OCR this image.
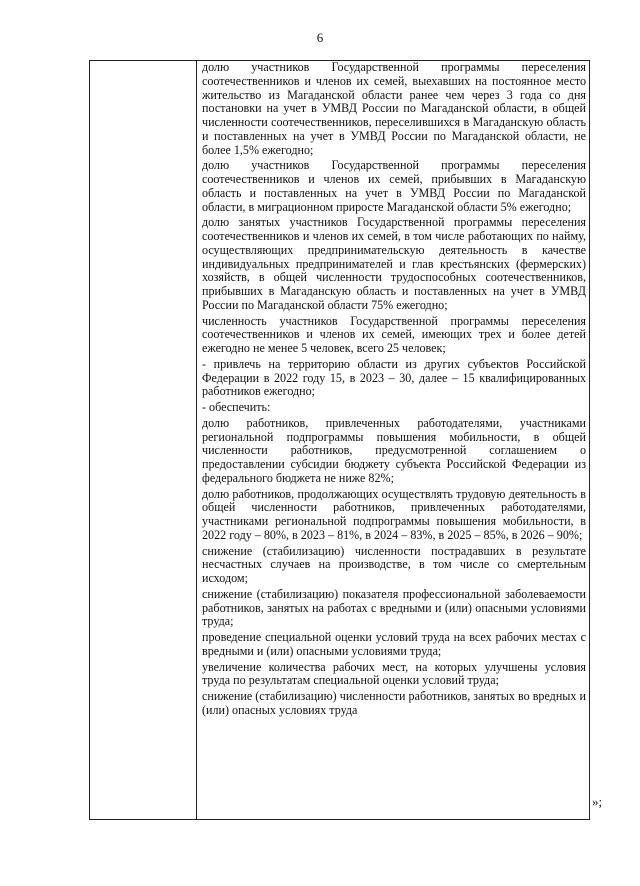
6

долю участников Государственной программы переселения соотечественников и членов их семей, выехавших на постоянное место жительство из Магаданской области ранее чем через 3 года со дня постановки на учет в УМВД России по Магаданской области, в общей численности соотечественников, переселившихся в Магаданскую область и поставленных на учет в УМВД России по Магаданской области, не более 1,5% ежегодно;

долю участников Государственной программы переселения соотечественников и членов их семей, прибывших в Магаданскую область и поставленных на учет в УМВД России по Магаданской области, в миграционном приросте Магаданской области 5% ежегодно;

долю занятых участников Государственной программы переселения соотечественников и членов их семей, в том числе работающих по найму, осуществляющих предпринимательскую деятельность в качестве индивидуальных предпринимателей и глав крестьянских (фермерских) хозяйств, в общей численности трудоспособных соотечественников, прибывших в Магаданскую область и поставленных на учет в УМВД России по Магаданской области 75% ежегодно;

численность участников Государственной программы переселения соотечественников и членов их семей, имеющих трех и более детей ежегодно не менее 5 человек, всего 25 человек;

- привлечь на территорию области из других субъектов Российской Федерации в 2022 году 15, в 2023 – 30, далее – 15 квалифицированных работников ежегодно;

- обеспечить:

долю работников, привлеченных работодателями, участниками региональной подпрограммы повышения мобильности, в общей численности работников, предусмотренной соглашением о предоставлении субсидии бюджету субъекта Российской Федерации из федерального бюджета не ниже 82%;

долю работников, продолжающих осуществлять трудовую деятельность в общей численности работников, привлеченных работодателями, участниками региональной подпрограммы повышения мобильности, в 2022 году – 80%, в 2023 – 81%, в 2024 – 83%, в 2025 – 85%, в 2026 – 90%;

снижение (стабилизацию) численности пострадавших в результате несчастных случаев на производстве, в том числе со смертельным исходом;

снижение (стабилизацию) показателя профессиональной заболеваемости работников, занятых на работах с вредными и (или) опасными условиями труда;

проведение специальной оценки условий труда на всех рабочих местах с вредными и (или) опасными условиями труда;

увеличение количества рабочих мест, на которых улучшены условия труда по результатам специальной оценки условий труда;

снижение (стабилизацию) численности работников, занятых во вредных и (или) опасных условиях труда

»;
